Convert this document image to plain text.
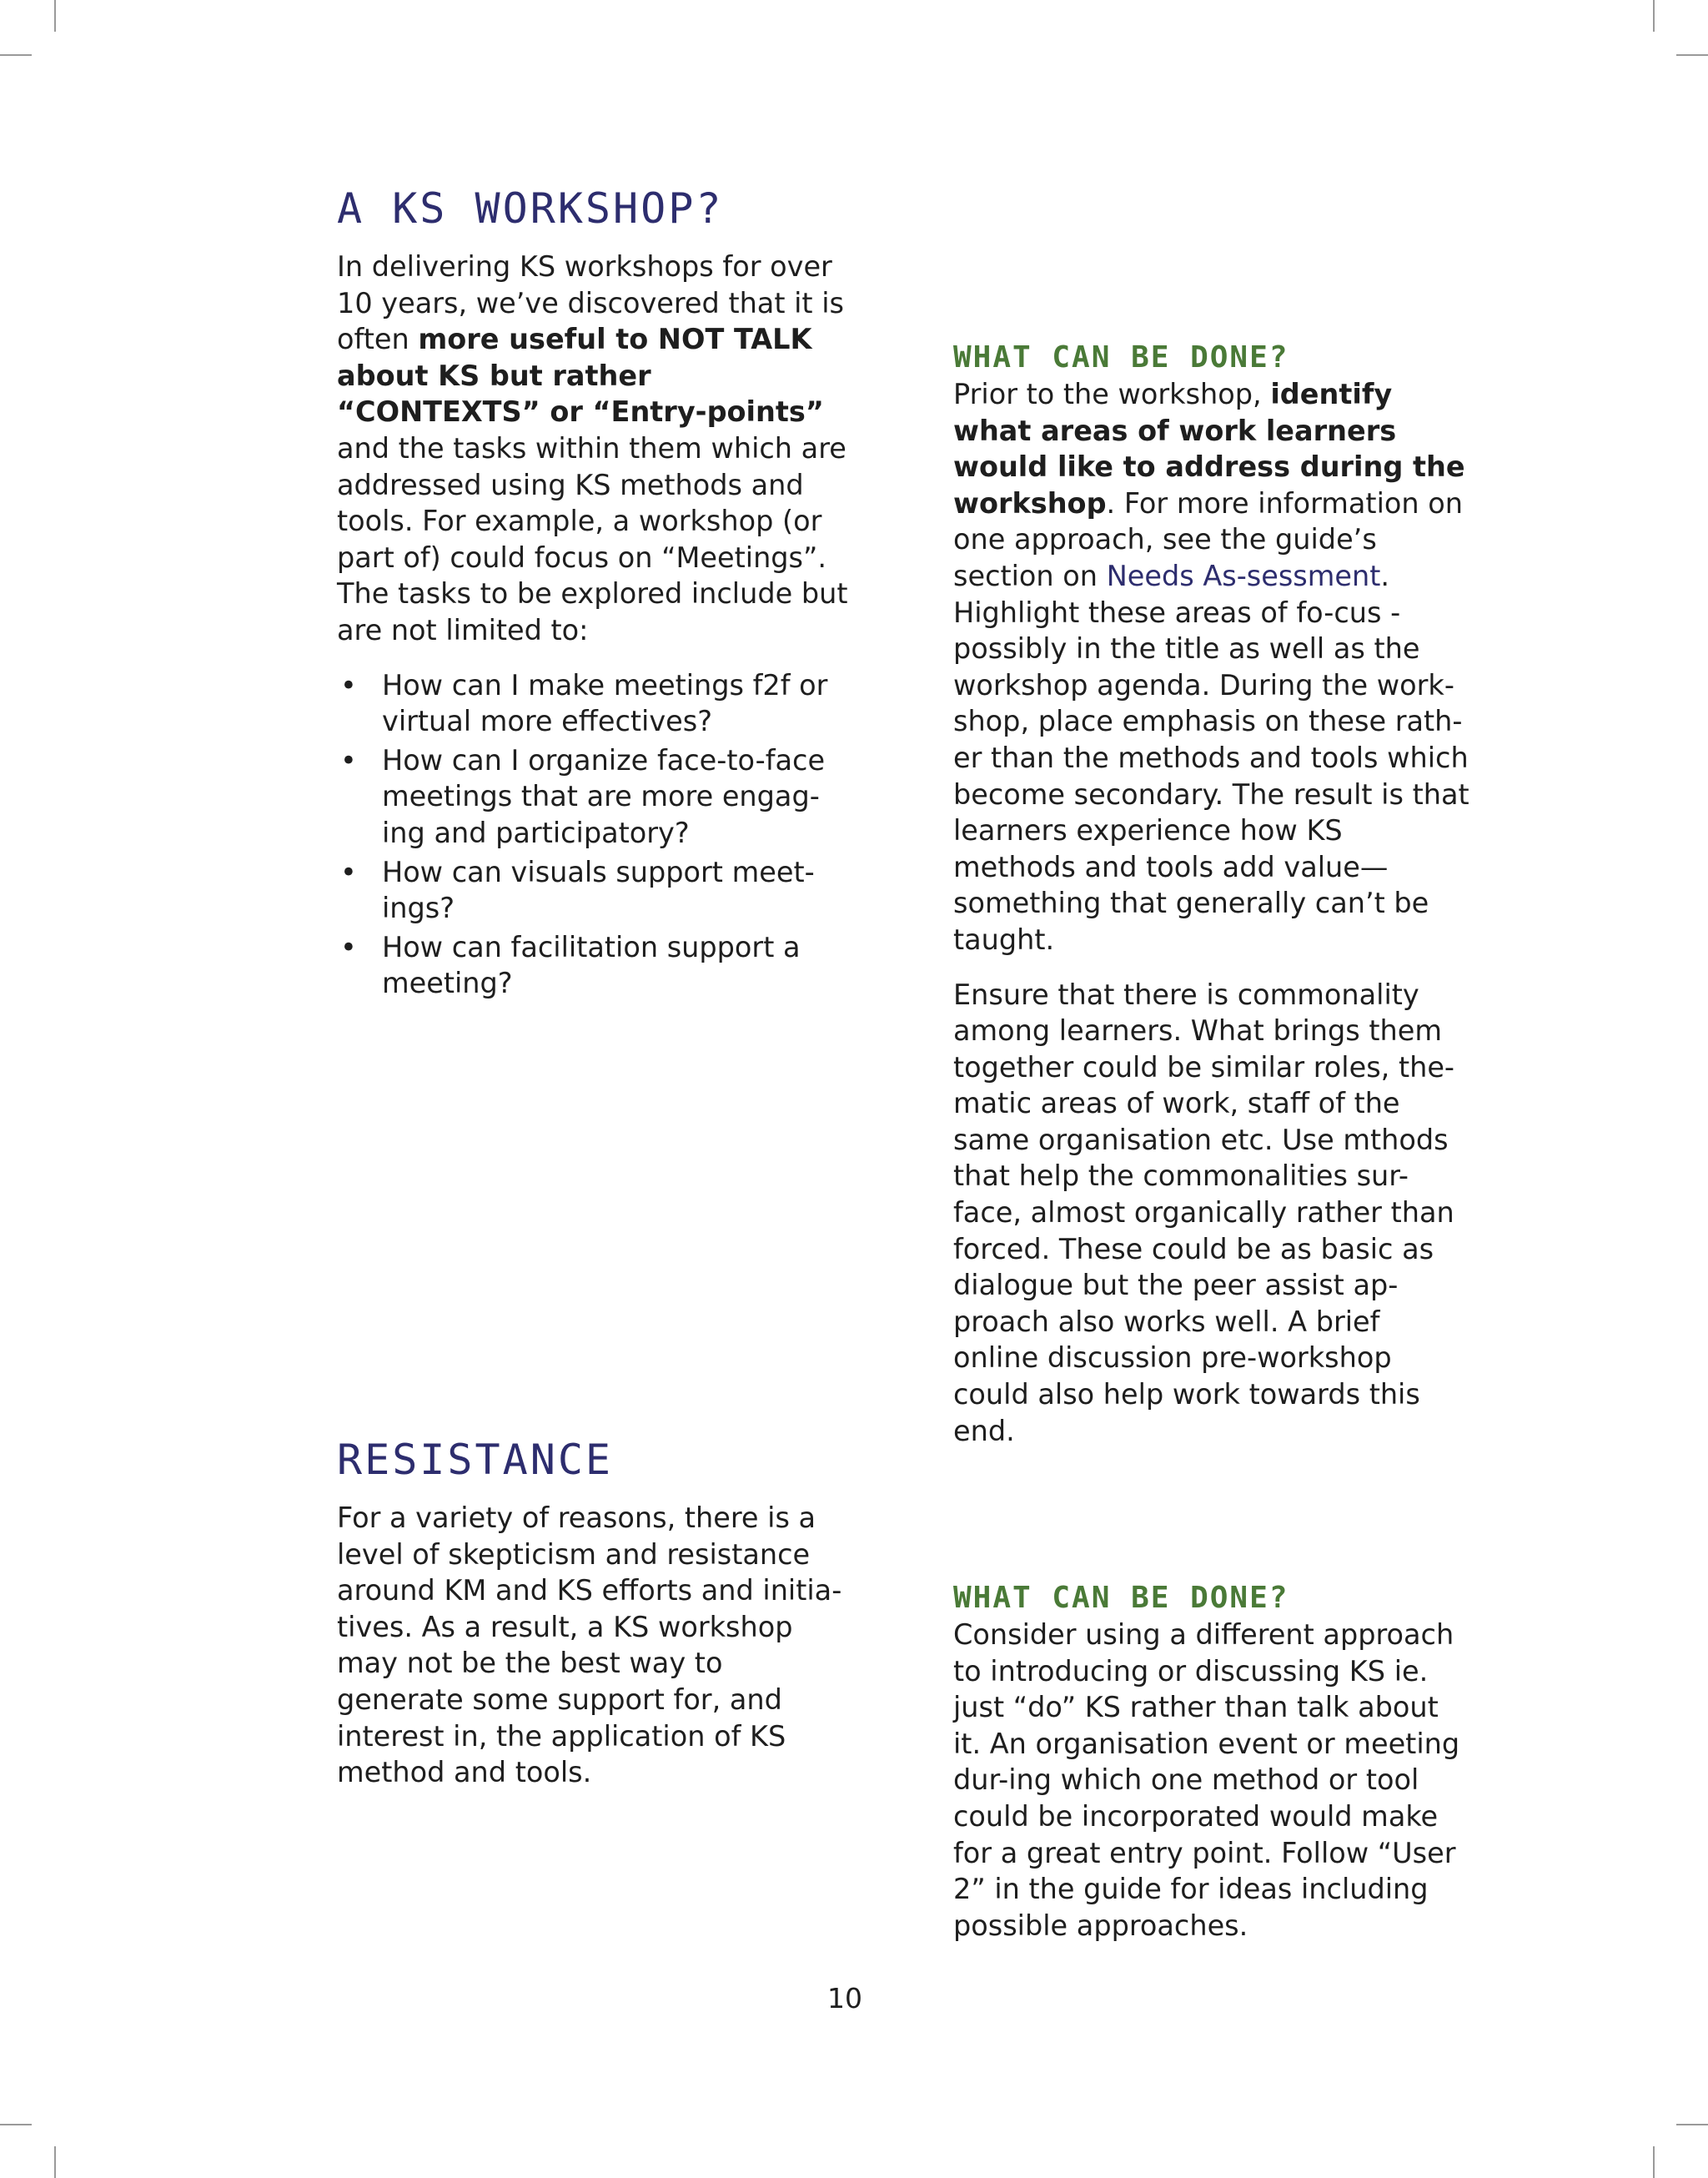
A KS WORKSHOP?

In delivering KS workshops for over 10 years, we’ve discovered that it is often more useful to NOT TALK about KS but rather “CONTEXTS” or “Entry-points” and the tasks within them which are addressed using KS methods and tools. For example, a workshop (or part of) could focus on “Meetings”. The tasks to be explored include but are not limited to:

• How can I make meetings f2f or virtual more effectives?
• How can I organize face-to-face meetings that are more engag-ing and participatory?
• How can visuals support meet-ings?
• How can facilitation support a meeting?
WHAT CAN BE DONE?

Prior to the workshop, identify what areas of work learners would like to address during the workshop. For more information on one approach, see the guide’s section on Needs As-sessment. Highlight these areas of fo-cus - possibly in the title as well as the workshop agenda. During the work-shop, place emphasis on these rath-er than the methods and tools which become secondary. The result is that learners experience how KS methods and tools add value—something that generally can’t be taught.

Ensure that there is commonality among learners. What brings them together could be similar roles, the-matic areas of work, staff of the same organisation etc. Use mthods that help the commonalities sur-face, almost organically rather than forced. These could be as basic as dialogue but the peer assist ap-proach also works well. A brief online discussion pre-workshop could also help work towards this end.

RESISTANCE

For a variety of reasons, there is a level of skepticism and resistance around KM and KS efforts and initia-tives. As a result, a KS workshop may not be the best way to generate some support for, and interest in, the application of KS method and tools.

WHAT CAN BE DONE?

Consider using a different approach to introducing or discussing KS ie. just “do” KS rather than talk about it. An organisation event or meeting dur-ing which one method or tool could be incorporated would make for a great entry point. Follow “User 2” in the guide for ideas including possible approaches.

10
